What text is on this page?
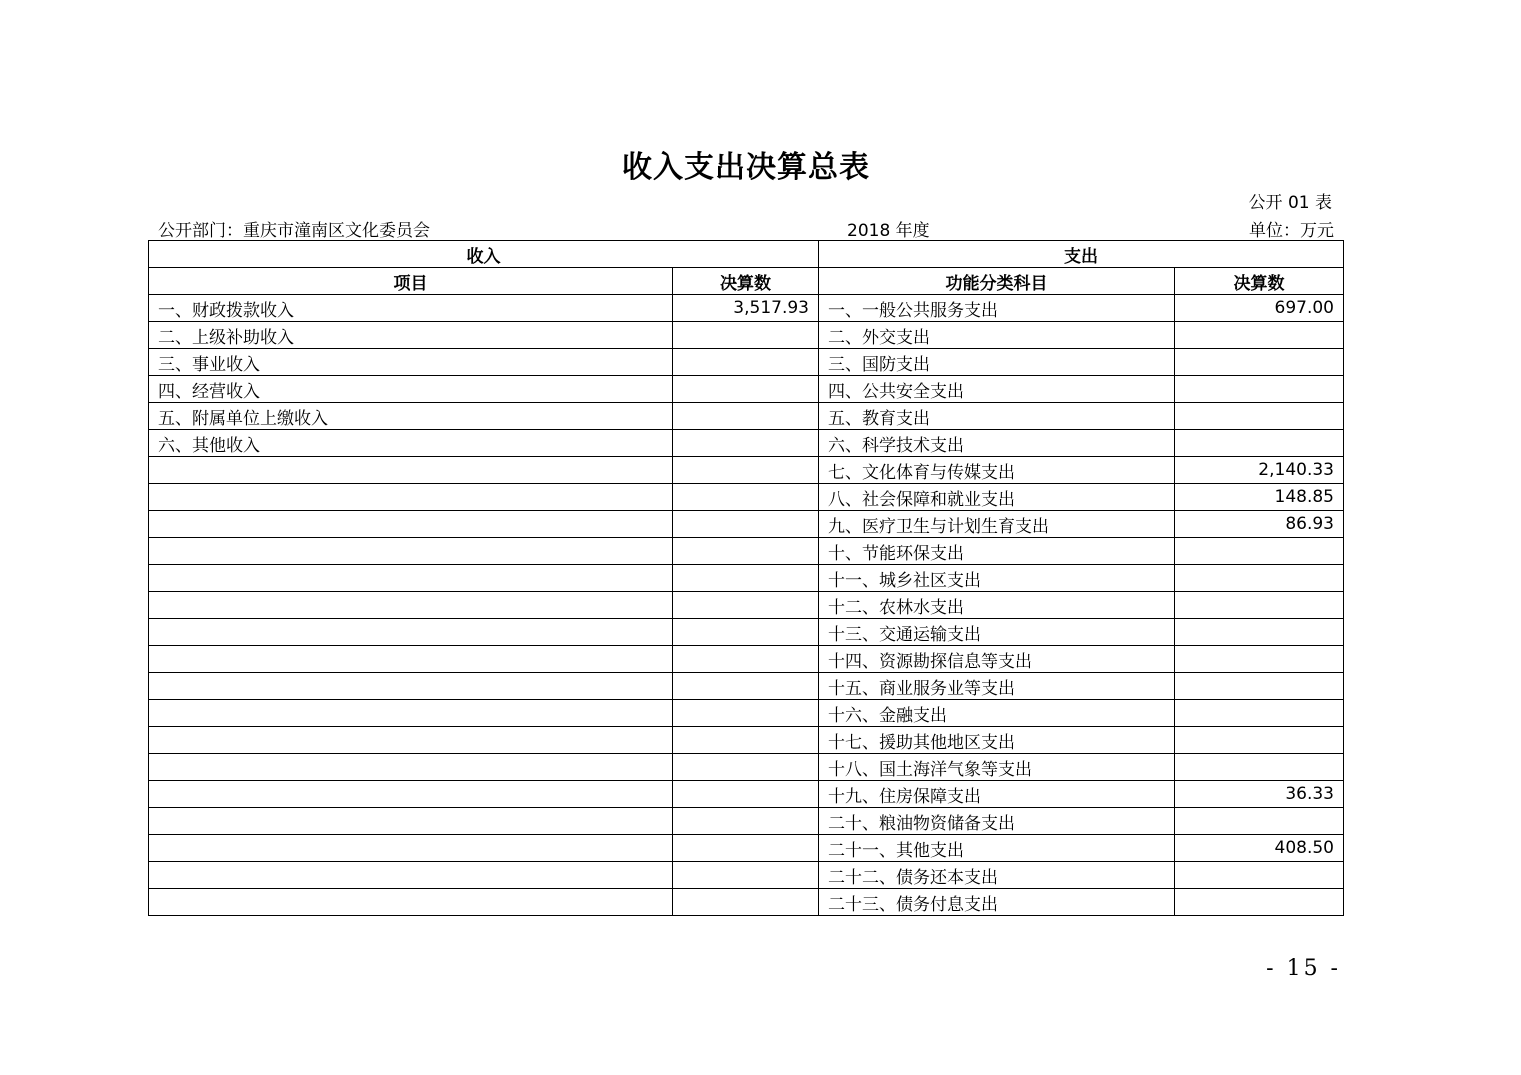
收入支出决算总表
公开 01 表
公开部门：重庆市潼南区文化委员会	2018 年度	单位：万元
收入		支出	
项目	决算数	功能分类科目	决算数
一、财政拨款收入	3,517.93	一、一般公共服务支出	697.00
二、上级补助收入		二、外交支出	
三、事业收入		三、国防支出	
四、经营收入		四、公共安全支出	
五、附属单位上缴收入		五、教育支出	
六、其他收入		六、科学技术支出	
		七、文化体育与传媒支出	2,140.33
		八、社会保障和就业支出	148.85
		九、医疗卫生与计划生育支出	86.93
		十、节能环保支出	
		十一、城乡社区支出	
		十二、农林水支出	
		十三、交通运输支出	
		十四、资源勘探信息等支出	
		十五、商业服务业等支出	
		十六、金融支出	
		十七、援助其他地区支出	
		十八、国土海洋气象等支出	
		十九、住房保障支出	36.33
		二十、粮油物资储备支出	
		二十一、其他支出	408.50
		二十二、债务还本支出	
		二十三、债务付息支出	
- 15 -
